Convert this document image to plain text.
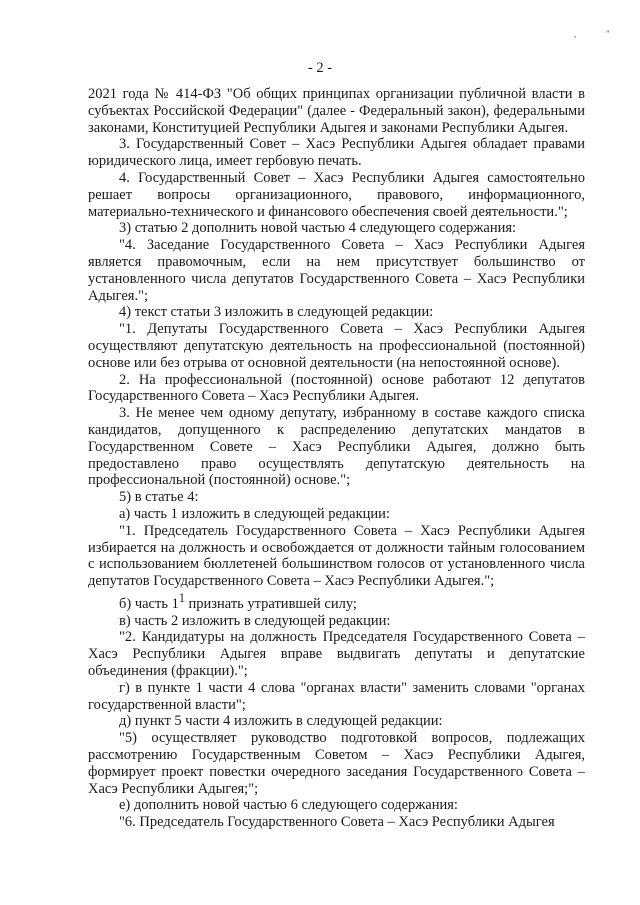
,	"
- 2 -

2021 года № 414-ФЗ "Об общих принципах организации публичной власти в субъектах Российской Федерации" (далее - Федеральный закон), федеральными законами, Конституцией Республики Адыгея и законами Республики Адыгея.

3. Государственный Совет – Хасэ Республики Адыгея обладает правами юридического лица, имеет гербовую печать.

4. Государственный Совет – Хасэ Республики Адыгея самостоятельно решает вопросы организационного, правового, информационного, материально-технического и финансового обеспечения своей деятельности.";

3) статью 2 дополнить новой частью 4 следующего содержания:

"4. Заседание Государственного Совета – Хасэ Республики Адыгея является правомочным, если на нем присутствует большинство от установленного числа депутатов Государственного Совета – Хасэ Республики Адыгея.";

4) текст статьи 3 изложить в следующей редакции:

"1. Депутаты Государственного Совета – Хасэ Республики Адыгея осуществляют депутатскую деятельность на профессиональной (постоянной) основе или без отрыва от основной деятельности (на непостоянной основе).

2. На профессиональной (постоянной) основе работают 12 депутатов Государственного Совета – Хасэ Республики Адыгея.

3. Не менее чем одному депутату, избранному в составе каждого списка кандидатов, допущенного к распределению депутатских мандатов в Государственном Совете – Хасэ Республики Адыгея, должно быть предоставлено право осуществлять депутатскую деятельность на профессиональной (постоянной) основе.";

5) в статье 4:

а) часть 1 изложить в следующей редакции:

"1. Председатель Государственного Совета – Хасэ Республики Адыгея избирается на должность и освобождается от должности тайным голосованием с использованием бюллетеней большинством голосов от установленного числа депутатов Государственного Совета – Хасэ Республики Адыгея.";

б) часть $1^1$ признать утратившей силу;

в) часть 2 изложить в следующей редакции:

"2. Кандидатуры на должность Председателя Государственного Совета – Хасэ Республики Адыгея вправе выдвигать депутаты и депутатские объединения (фракции).";

г) в пункте 1 части 4 слова "органах власти" заменить словами "органах государственной власти";

д) пункт 5 части 4 изложить в следующей редакции:

"5) осуществляет руководство подготовкой вопросов, подлежащих рассмотрению Государственным Советом – Хасэ Республики Адыгея, формирует проект повестки очередного заседания Государственного Совета – Хасэ Республики Адыгея;";

е) дополнить новой частью 6 следующего содержания:

"6. Председатель Государственного Совета – Хасэ Республики Адыгея
